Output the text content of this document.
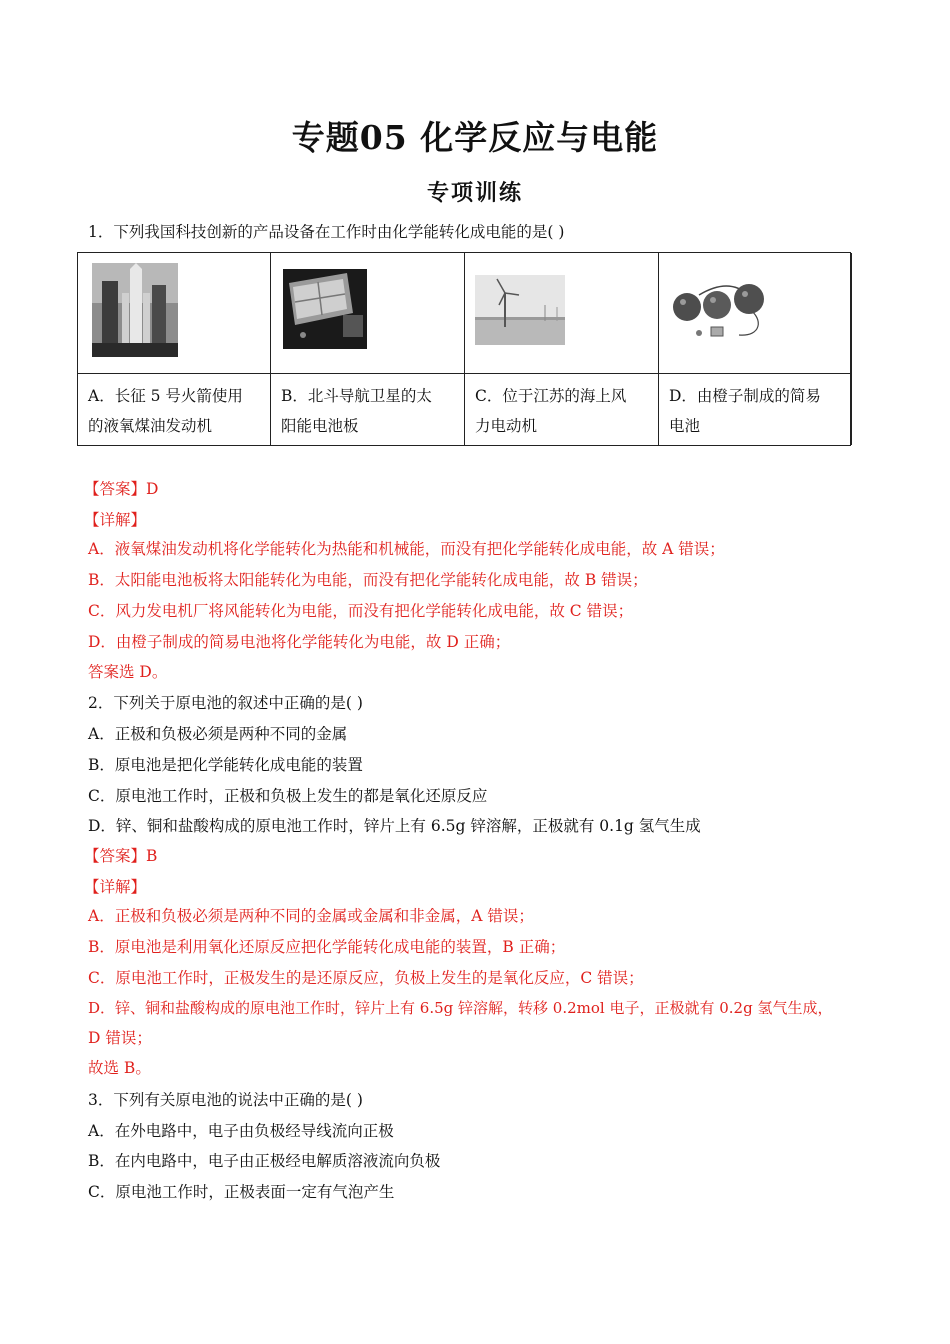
专题05 化学反应与电能
专项训练
1．下列我国科技创新的产品设备在工作时由化学能转化成电能的是( )
A．长征 5 号火箭使用
的液氧煤油发动机
B．北斗导航卫星的太
阳能电池板
C．位于江苏的海上风
力电动机
D．由橙子制成的简易
电池
【答案】D
【详解】
A．液氧煤油发动机将化学能转化为热能和机械能，而没有把化学能转化成电能，故 A 错误；
B．太阳能电池板将太阳能转化为电能，而没有把化学能转化成电能，故 B 错误；
C．风力发电机厂将风能转化为电能，而没有把化学能转化成电能，故 C 错误；
D．由橙子制成的简易电池将化学能转化为电能，故 D 正确；
答案选 D。
2．下列关于原电池的叙述中正确的是( )
A．正极和负极必须是两种不同的金属
B．原电池是把化学能转化成电能的装置
C．原电池工作时，正极和负极上发生的都是氧化还原反应
D．锌、铜和盐酸构成的原电池工作时，锌片上有 6.5g 锌溶解，正极就有 0.1g 氢气生成
【答案】B
【详解】
A．正极和负极必须是两种不同的金属或金属和非金属，A 错误；
B．原电池是利用氧化还原反应把化学能转化成电能的装置，B 正确；
C．原电池工作时，正极发生的是还原反应，负极上发生的是氧化反应，C 错误；
D．锌、铜和盐酸构成的原电池工作时，锌片上有 6.5g 锌溶解，转移 0.2mol 电子，正极就有 0.2g 氢气生成，
D 错误；
故选 B。
3．下列有关原电池的说法中正确的是( )
A．在外电路中，电子由负极经导线流向正极
B．在内电路中，电子由正极经电解质溶液流向负极
C．原电池工作时，正极表面一定有气泡产生
